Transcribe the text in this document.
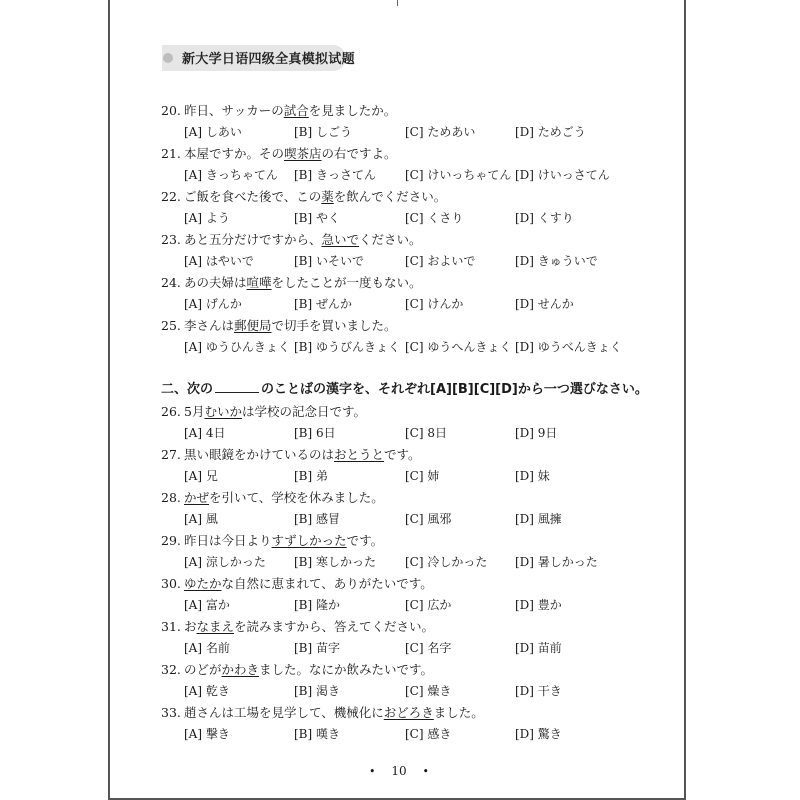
新大学日语四级全真模拟试题
20. 昨日、サッカーの試合を見ましたか。
[A] しあい	[B] しごう	[C] ためあい	[D] ためごう
21. 本屋ですか。その喫茶店の右ですよ。
[A] きっちゃてん [B] きっさてん [C] けいっちゃてん [D] けいっさてん
22. ご飯を食べた後で、この薬を飲んでください。
[A] よう	[B] やく	[C] くさり	[D] くすり
23. あと五分だけですから、急いでください。
[A] はやいで	[B] いそいで	[C] およいで	[D] きゅういで
24. あの夫婦は喧嘩をしたことが一度もない。
[A] げんか	[B] ぜんか	[C] けんか	[D] せんか
25. 李さんは郵便局で切手を買いました。
[A] ゆうひんきょく [B] ゆうびんきょく [C] ゆうへんきょく [D] ゆうべんきょく
二、次の	のことばの漢字を、それぞれ[A][B][C][D]から一つ選びなさい。
26. 5月むいかは学校の記念日です。
[A] 4日	[B] 6日	[C] 8日	[D] 9日
27. 黒い眼鏡をかけているのはおとうとです。
[A] 兄	[B] 弟	[C] 姉	[D] 妹
28. かぜを引いて、学校を休みました。
[A] 風	[B] 感冒	[C] 風邪	[D] 風擁
29. 昨日は今日よりすずしかったです。
[A] 涼しかった [B] 寒しかった [C] 冷しかった [D] 暑しかった
30. ゆたかな自然に恵まれて、ありがたいです。
[A] 富か	[B] 隆か	[C] 広か	[D] 豊か
31. おなまえを読みますから、答えてください。
[A] 名前	[B] 苗字	[C] 名字	[D] 苗前
32. のどがかわきました。なにか飲みたいです。
[A] 乾き	[B] 渇き	[C] 燥き	[D] 干き
33. 趙さんは工場を見学して、機械化におどろきました。
[A] 撃き	[B] 嘆き	[C] 感き	[D] 驚き
• 10 •
